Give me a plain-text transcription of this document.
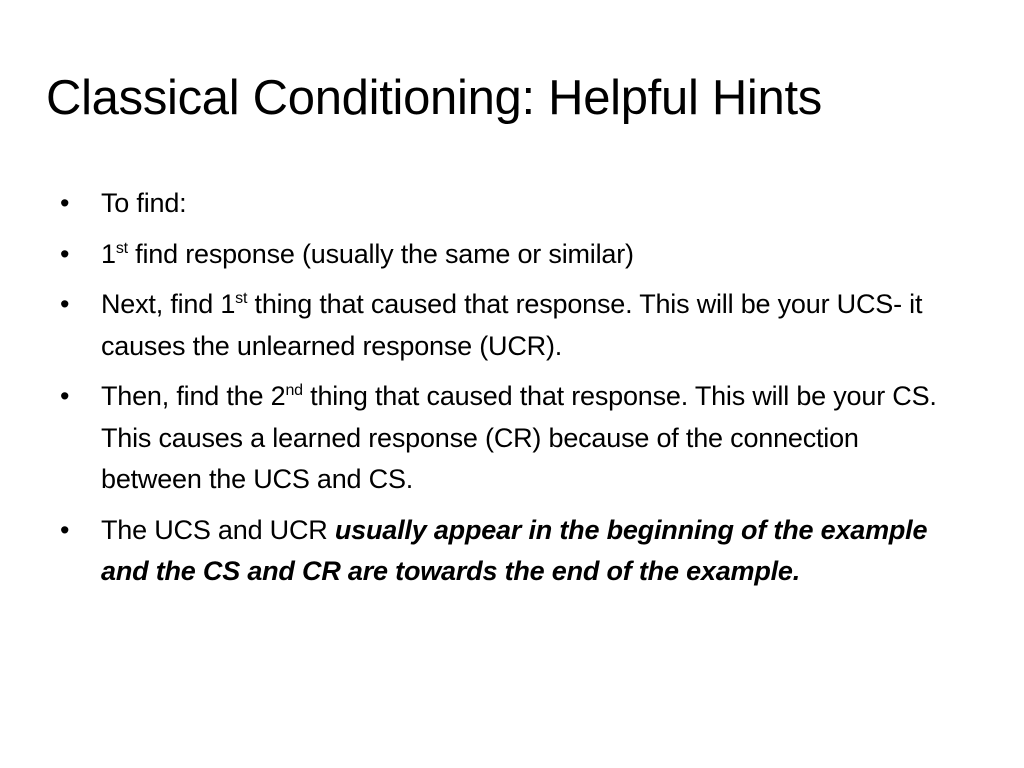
Classical Conditioning: Helpful Hints
• To find:
• 1st find response (usually the same or similar)
• Next, find 1st thing that caused that response. This will be your UCS- it causes the unlearned response (UCR).
• Then, find the 2nd thing that caused that response. This will be your CS. This causes a learned response (CR) because of the connection between the UCS and CS.
• The UCS and UCR usually appear in the beginning of the example and the CS and CR are towards the end of the example.
